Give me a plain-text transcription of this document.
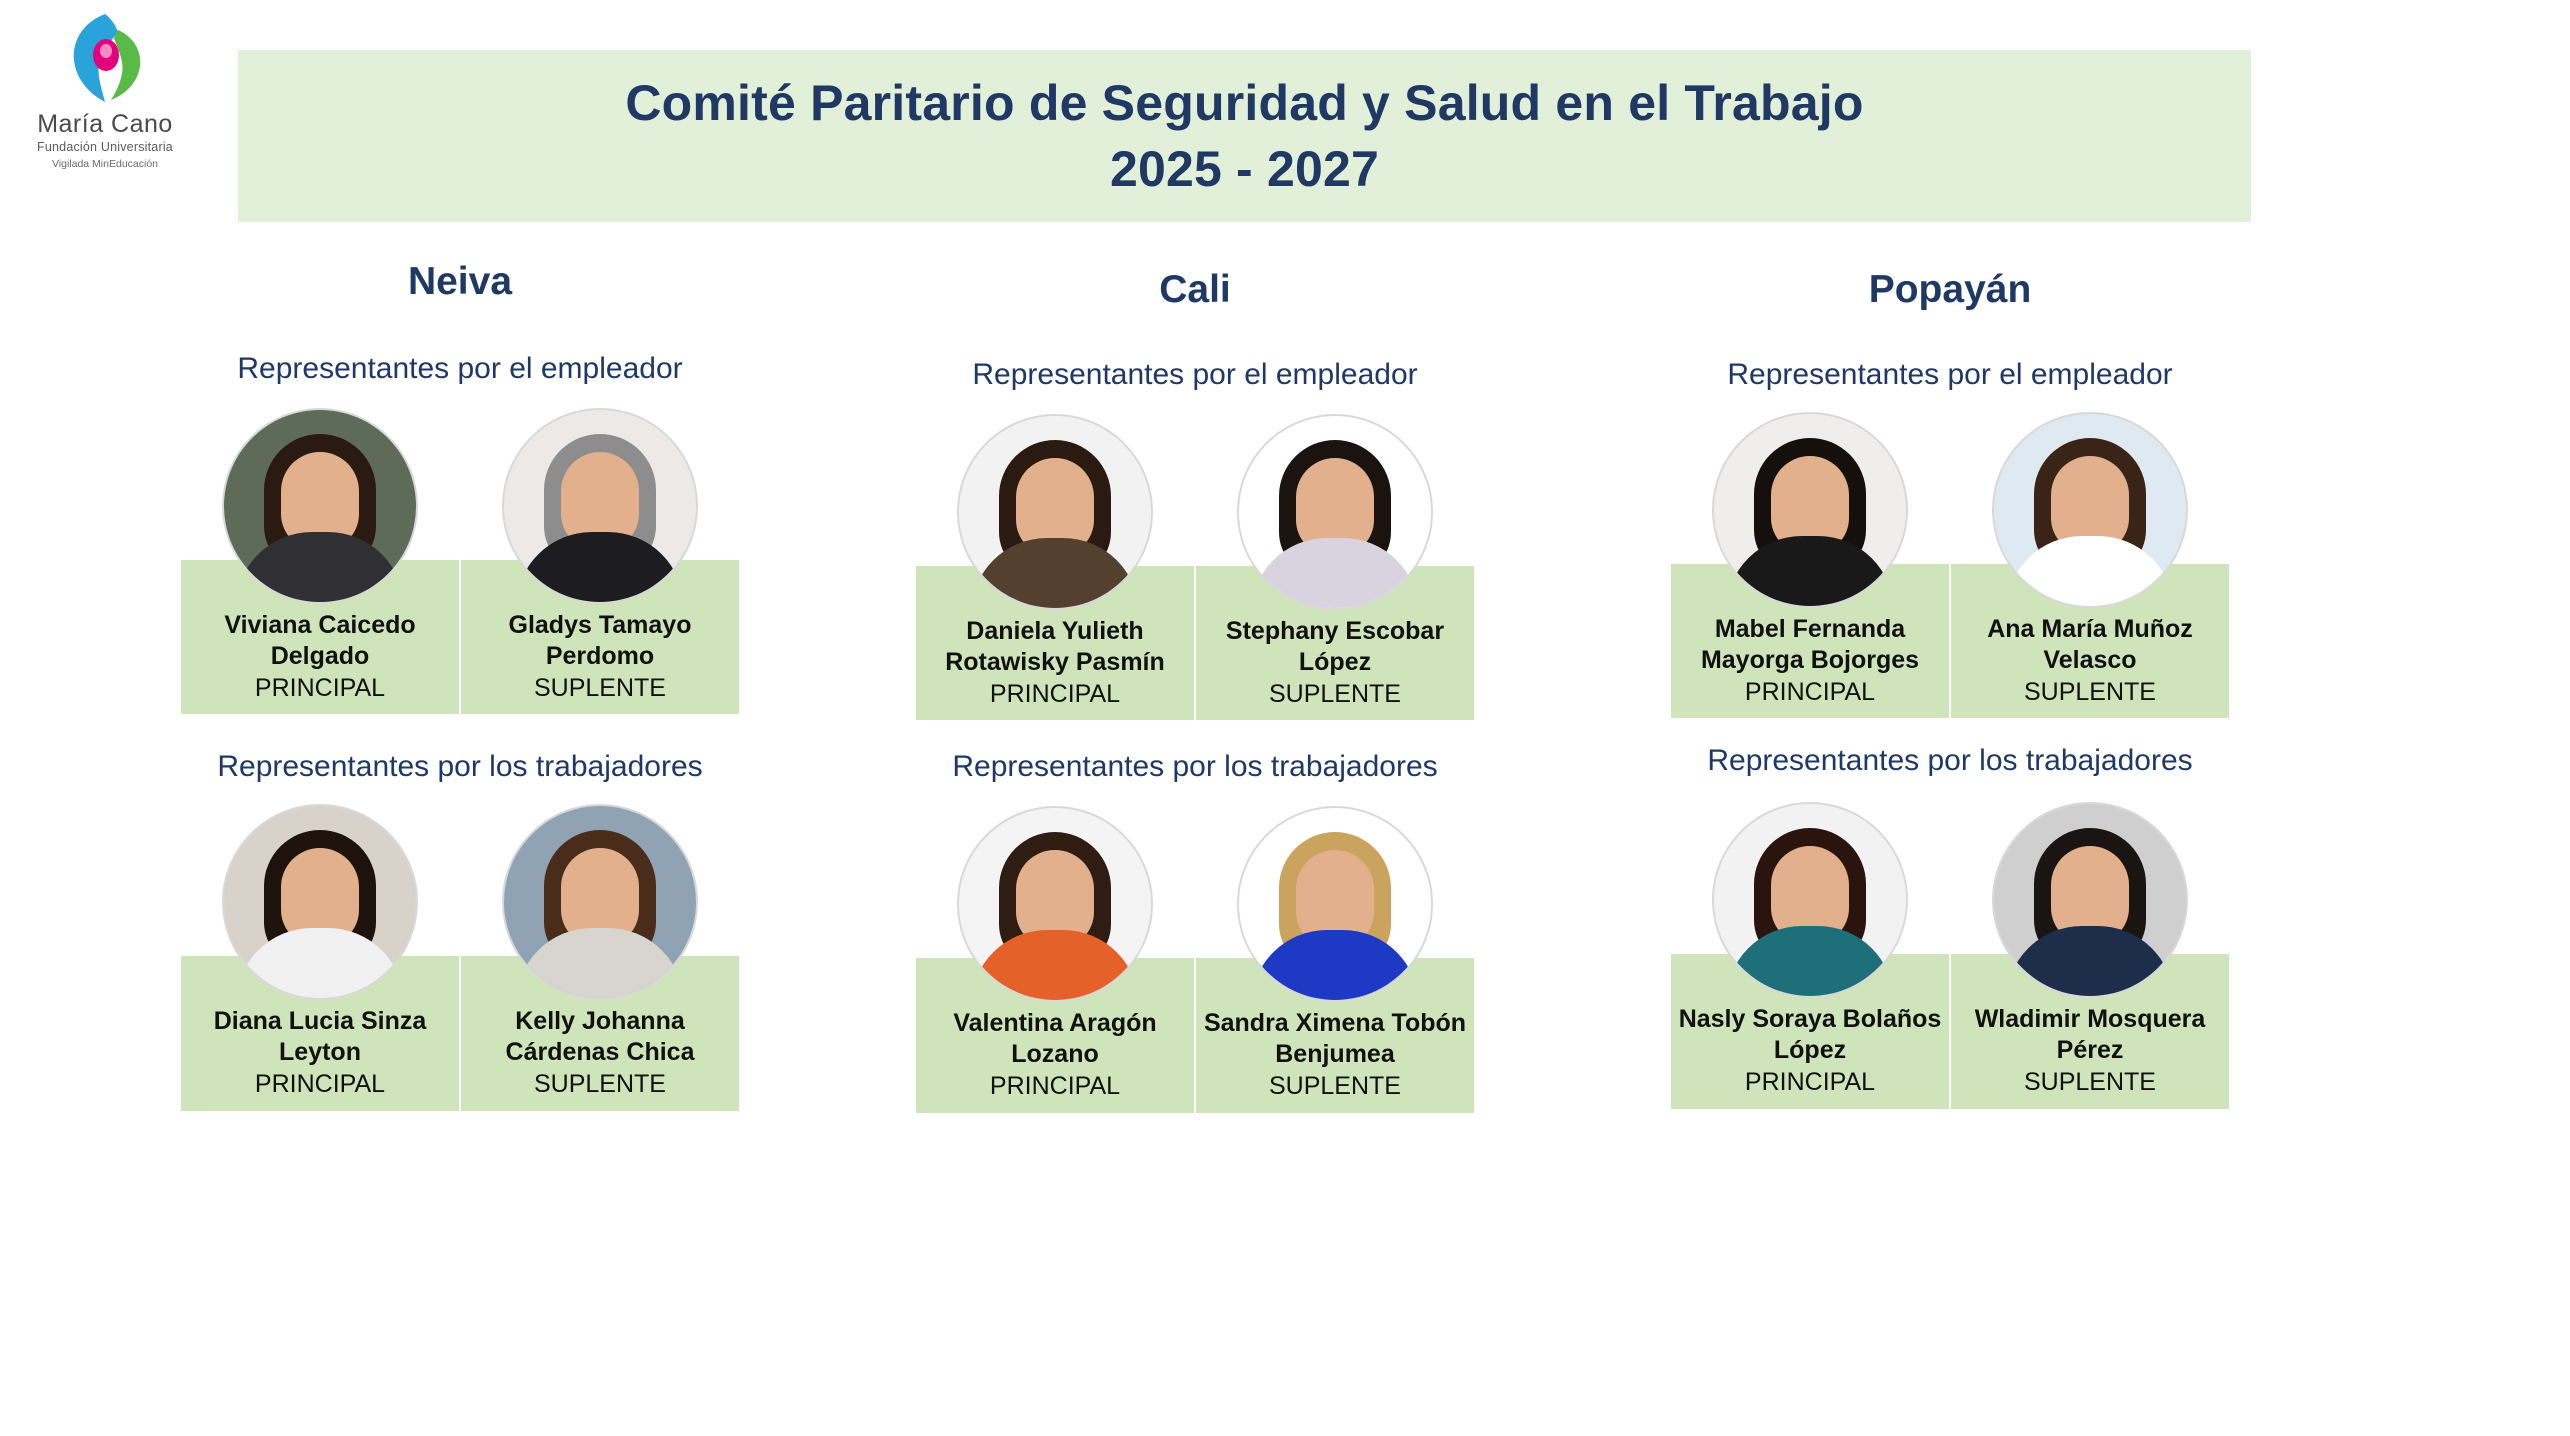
María Cano
Fundación Universitaria
Vigilada MinEducación
Comité Paritario de Seguridad y Salud en el Trabajo
2025 - 2027
Neiva
Representantes por el empleador
Viviana Caicedo Delgado
PRINCIPAL
Gladys Tamayo Perdomo
SUPLENTE
Representantes por los trabajadores
Diana Lucia Sinza Leyton
PRINCIPAL
Kelly Johanna Cárdenas Chica
SUPLENTE
Cali
Representantes por el empleador
Daniela Yulieth Rotawisky Pasmín
PRINCIPAL
Stephany Escobar López
SUPLENTE
Representantes por los trabajadores
Valentina Aragón Lozano
PRINCIPAL
Sandra Ximena Tobón Benjumea
SUPLENTE
Popayán
Representantes por el empleador
Mabel Fernanda Mayorga Bojorges
PRINCIPAL
Ana María Muñoz Velasco
SUPLENTE
Representantes por los trabajadores
Nasly Soraya Bolaños López
PRINCIPAL
Wladimir Mosquera Pérez
SUPLENTE
